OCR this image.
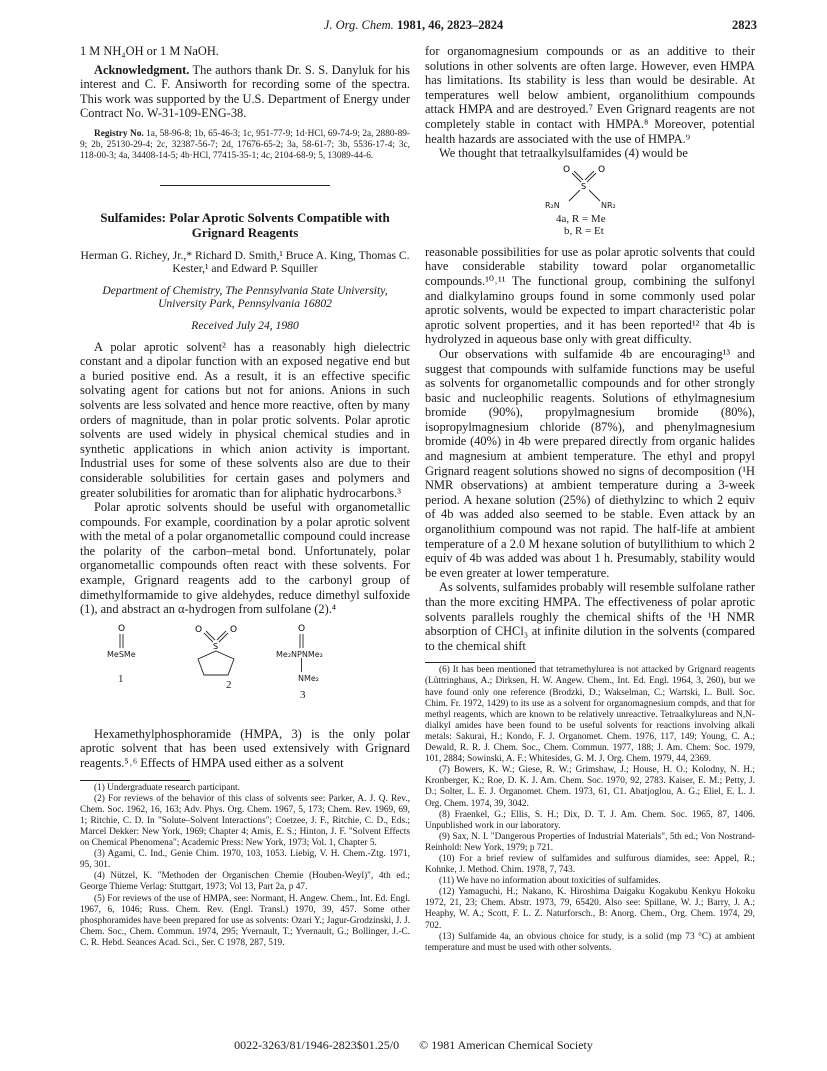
J. Org. Chem. 1981, 46, 2823–2824	2823

1 M NH₄OH or 1 M NaOH.

Acknowledgment. The authors thank Dr. S. S. Danyluk for his interest and C. F. Ansiworth for recording some of the spectra. This work was supported by the U.S. Department of Energy under Contract No. W-31-109-ENG-38.

Registry No. 1a, 58-96-8; 1b, 65-46-3; 1c, 951-77-9; 1d·HCl, 69-74-9; 2a, 2880-89-9; 2b, 25130-29-4; 2c, 32387-56-7; 2d, 17676-65-2; 3a, 58-61-7; 3b, 5536-17-4; 3c, 118-00-3; 4a, 34408-14-5; 4b·HCl, 77415-35-1; 4c, 2104-68-9; 5, 13089-44-6.

Sulfamides: Polar Aprotic Solvents Compatible with Grignard Reagents
Herman G. Richey, Jr.,* Richard D. Smith,¹ Bruce A. King, Thomas C. Kester,¹ and Edward P. Squiller
Department of Chemistry, The Pennsylvania State University, University Park, Pennsylvania 16802
Received July 24, 1980

A polar aprotic solvent² has a reasonably high dielectric constant and a dipolar function with an exposed negative end but a buried positive end. As a result, it is an effective specific solvating agent for cations but not for anions. Anions in such solvents are less solvated and hence more reactive, often by many orders of magnitude, than in polar protic solvents. Polar aprotic solvents are used widely in physical chemical studies and in synthetic applications in which anion activity is important. Industrial uses for some of these solvents also are due to their considerable solubilities for certain gases and polymers and greater solubilities for aromatic than for aliphatic hydrocarbons.³

Polar aprotic solvents should be useful with organometallic compounds. For example, coordination by a polar aprotic solvent with the metal of a polar organometallic compound could increase the polarity of the carbon–metal bond. Unfortunately, polar organometallic compounds often react with these solvents. For example, Grignard reagents add to the carbonyl group of dimethylformamide to give aldehydes, reduce dimethyl sulfoxide (1), and abstract an α-hydrogen from sulfolane (2).⁴

O	O	O
S
O
MeSMe
1	2
Me₂NPNMe₂
NMe₂
3

Hexamethylphosphoramide (HMPA, 3) is the only polar aprotic solvent that has been used extensively with Grignard reagents.⁵˒⁶ Effects of HMPA used either as a solvent

(1) Undergraduate research participant.

(2) For reviews of the behavior of this class of solvents see: Parker, A. J. Q. Rev., Chem. Soc. 1962, 16, 163; Adv. Phys. Org. Chem. 1967, 5, 173; Chem. Rev. 1969, 69, 1; Ritchie, C. D. In "Solute–Solvent Interactions"; Coetzee, J. F., Ritchie, C. D., Eds.; Marcel Dekker: New York, 1969; Chapter 4; Amis, E. S.; Hinton, J. F. "Solvent Effects on Chemical Phenomena"; Academic Press: New York, 1973; Vol. 1, Chapter 5.

(3) Agami, C. Ind., Genie Chim. 1970, 103, 1053. Liebig, V. H. Chem.-Ztg. 1971, 95, 301.

(4) Nützel, K. "Methoden der Organischen Chemie (Houben-Weyl)", 4th ed.; George Thieme Verlag: Stuttgart, 1973; Vol 13, Part 2a, p 47.

(5) For reviews of the use of HMPA, see: Normant, H. Angew. Chem., Int. Ed. Engl. 1967, 6, 1046; Russ. Chem. Rev. (Engl. Transl.) 1970, 39, 457. Some other phosphoramides have been prepared for use as solvents: Ozari Y.; Jagur-Grodzinski, J. J. Chem. Soc., Chem. Commun. 1974, 295; Yvernault, T.; Yvernault, G.; Bollinger, J.-C. C. R. Hebd. Seances Acad. Sci., Ser. C 1978, 287, 519.

for organomagnesium compounds or as an additive to their solutions in other solvents are often large. However, even HMPA has limitations. Its stability is less than would be desirable. At temperatures well below ambient, organolithium compounds attack HMPA and are destroyed.⁷ Even Grignard reagents are not completely stable in contact with HMPA.⁸ Moreover, potential health hazards are associated with the use of HMPA.⁹

We thought that tetraalkylsulfamides (4) would be

O	O
S
R₂N	NR₂
4a, R = Me
b, R = Et

reasonable possibilities for use as polar aprotic solvents that could have considerable stability toward polar organometallic compounds.¹⁰˒¹¹ The functional group, combining the sulfonyl and dialkylamino groups found in some commonly used polar aprotic solvents, would be expected to impart characteristic polar aprotic solvent properties, and it has been reported¹² that 4b is hydrolyzed in aqueous base only with great difficulty.

Our observations with sulfamide 4b are encouraging¹³ and suggest that compounds with sulfamide functions may be useful as solvents for organometallic compounds and for other strongly basic and nucleophilic reagents. Solutions of ethylmagnesium bromide (90%), propylmagnesium bromide (80%), isopropylmagnesium chloride (87%), and phenylmagnesium bromide (40%) in 4b were prepared directly from organic halides and magnesium at ambient temperature. The ethyl and propyl Grignard reagent solutions showed no signs of decomposition (¹H NMR observations) at ambient temperature during a 3-week period. A hexane solution (25%) of diethylzinc to which 2 equiv of 4b was added also seemed to be stable. Even attack by an organolithium compound was not rapid. The half-life at ambient temperature of a 2.0 M hexane solution of butyllithium to which 2 equiv of 4b was added was about 1 h. Presumably, stability would be even greater at lower temperature.

As solvents, sulfamides probably will resemble sulfolane rather than the more exciting HMPA. The effectiveness of polar aprotic solvents parallels roughly the chemical shifts of the ¹H NMR absorption of CHCl₃ at infinite dilution in the solvents (compared to the chemical shift

(6) It has been mentioned that tetramethylurea is not attacked by Grignard reagents (Lüttringhaus, A.; Dirksen, H. W. Angew. Chem., Int. Ed. Engl. 1964, 3, 260), but we have found only one reference (Brodzki, D.; Wakselman, C.; Wartski, L. Bull. Soc. Chim. Fr. 1972, 1429) to its use as a solvent for organomagnesium compds, and that for methyl reagents, which are known to be relatively unreactive. Tetraalkylureas and N,N-dialkyl amides have been found to be useful solvents for reactions involving alkali metals: Sakurai, H.; Kondo, F. J. Organomet. Chem. 1976, 117, 149; Young, C. A.; Dewald, R. R. J. Chem. Soc., Chem. Commun. 1977, 188; J. Am. Chem. Soc. 1979, 101, 2884; Sowinski, A. F.; Whitesides, G. M. J. Org. Chem. 1979, 44, 2369.

(7) Bowers, K. W.; Giese, R. W.; Grimshaw, J.; House, H. O.; Kolodny, N. H.; Kronberger, K.; Roe, D. K. J. Am. Chem. Soc. 1970, 92, 2783. Kaiser, E. M.; Petty, J. D.; Solter, L. E. J. Organomet. Chem. 1973, 61, C1. Abatjoglou, A. G.; Eliel, E. L. J. Org. Chem. 1974, 39, 3042.

(8) Fraenkel, G.; Ellis, S. H.; Dix, D. T. J. Am. Chem. Soc. 1965, 87, 1406. Unpublished work in our laboratory.

(9) Sax, N. I. "Dangerous Properties of Industrial Materials", 5th ed.; Von Nostrand-Reinhold: New York, 1979; p 721.

(10) For a brief review of sulfamides and sulfurous diamides, see: Appel, R.; Kohnke, J. Method. Chim. 1978, 7, 743.

(11) We have no information about toxicities of sulfamides.

(12) Yamaguchi, H.; Nakano, K. Hiroshima Daigaku Kogakubu Kenkyu Hokoku 1972, 21, 23; Chem. Abstr. 1973, 79, 65420. Also see: Spillane, W. J.; Barry, J. A.; Heaphy, W. A.; Scott, F. L. Z. Naturforsch., B: Anorg. Chem., Org. Chem. 1974, 29, 702.

(13) Sulfamide 4a, an obvious choice for study, is a solid (mp 73 °C) at ambient temperature and must be used with other solvents.

0022-3263/81/1946-2823$01.25/0 © 1981 American Chemical Society
